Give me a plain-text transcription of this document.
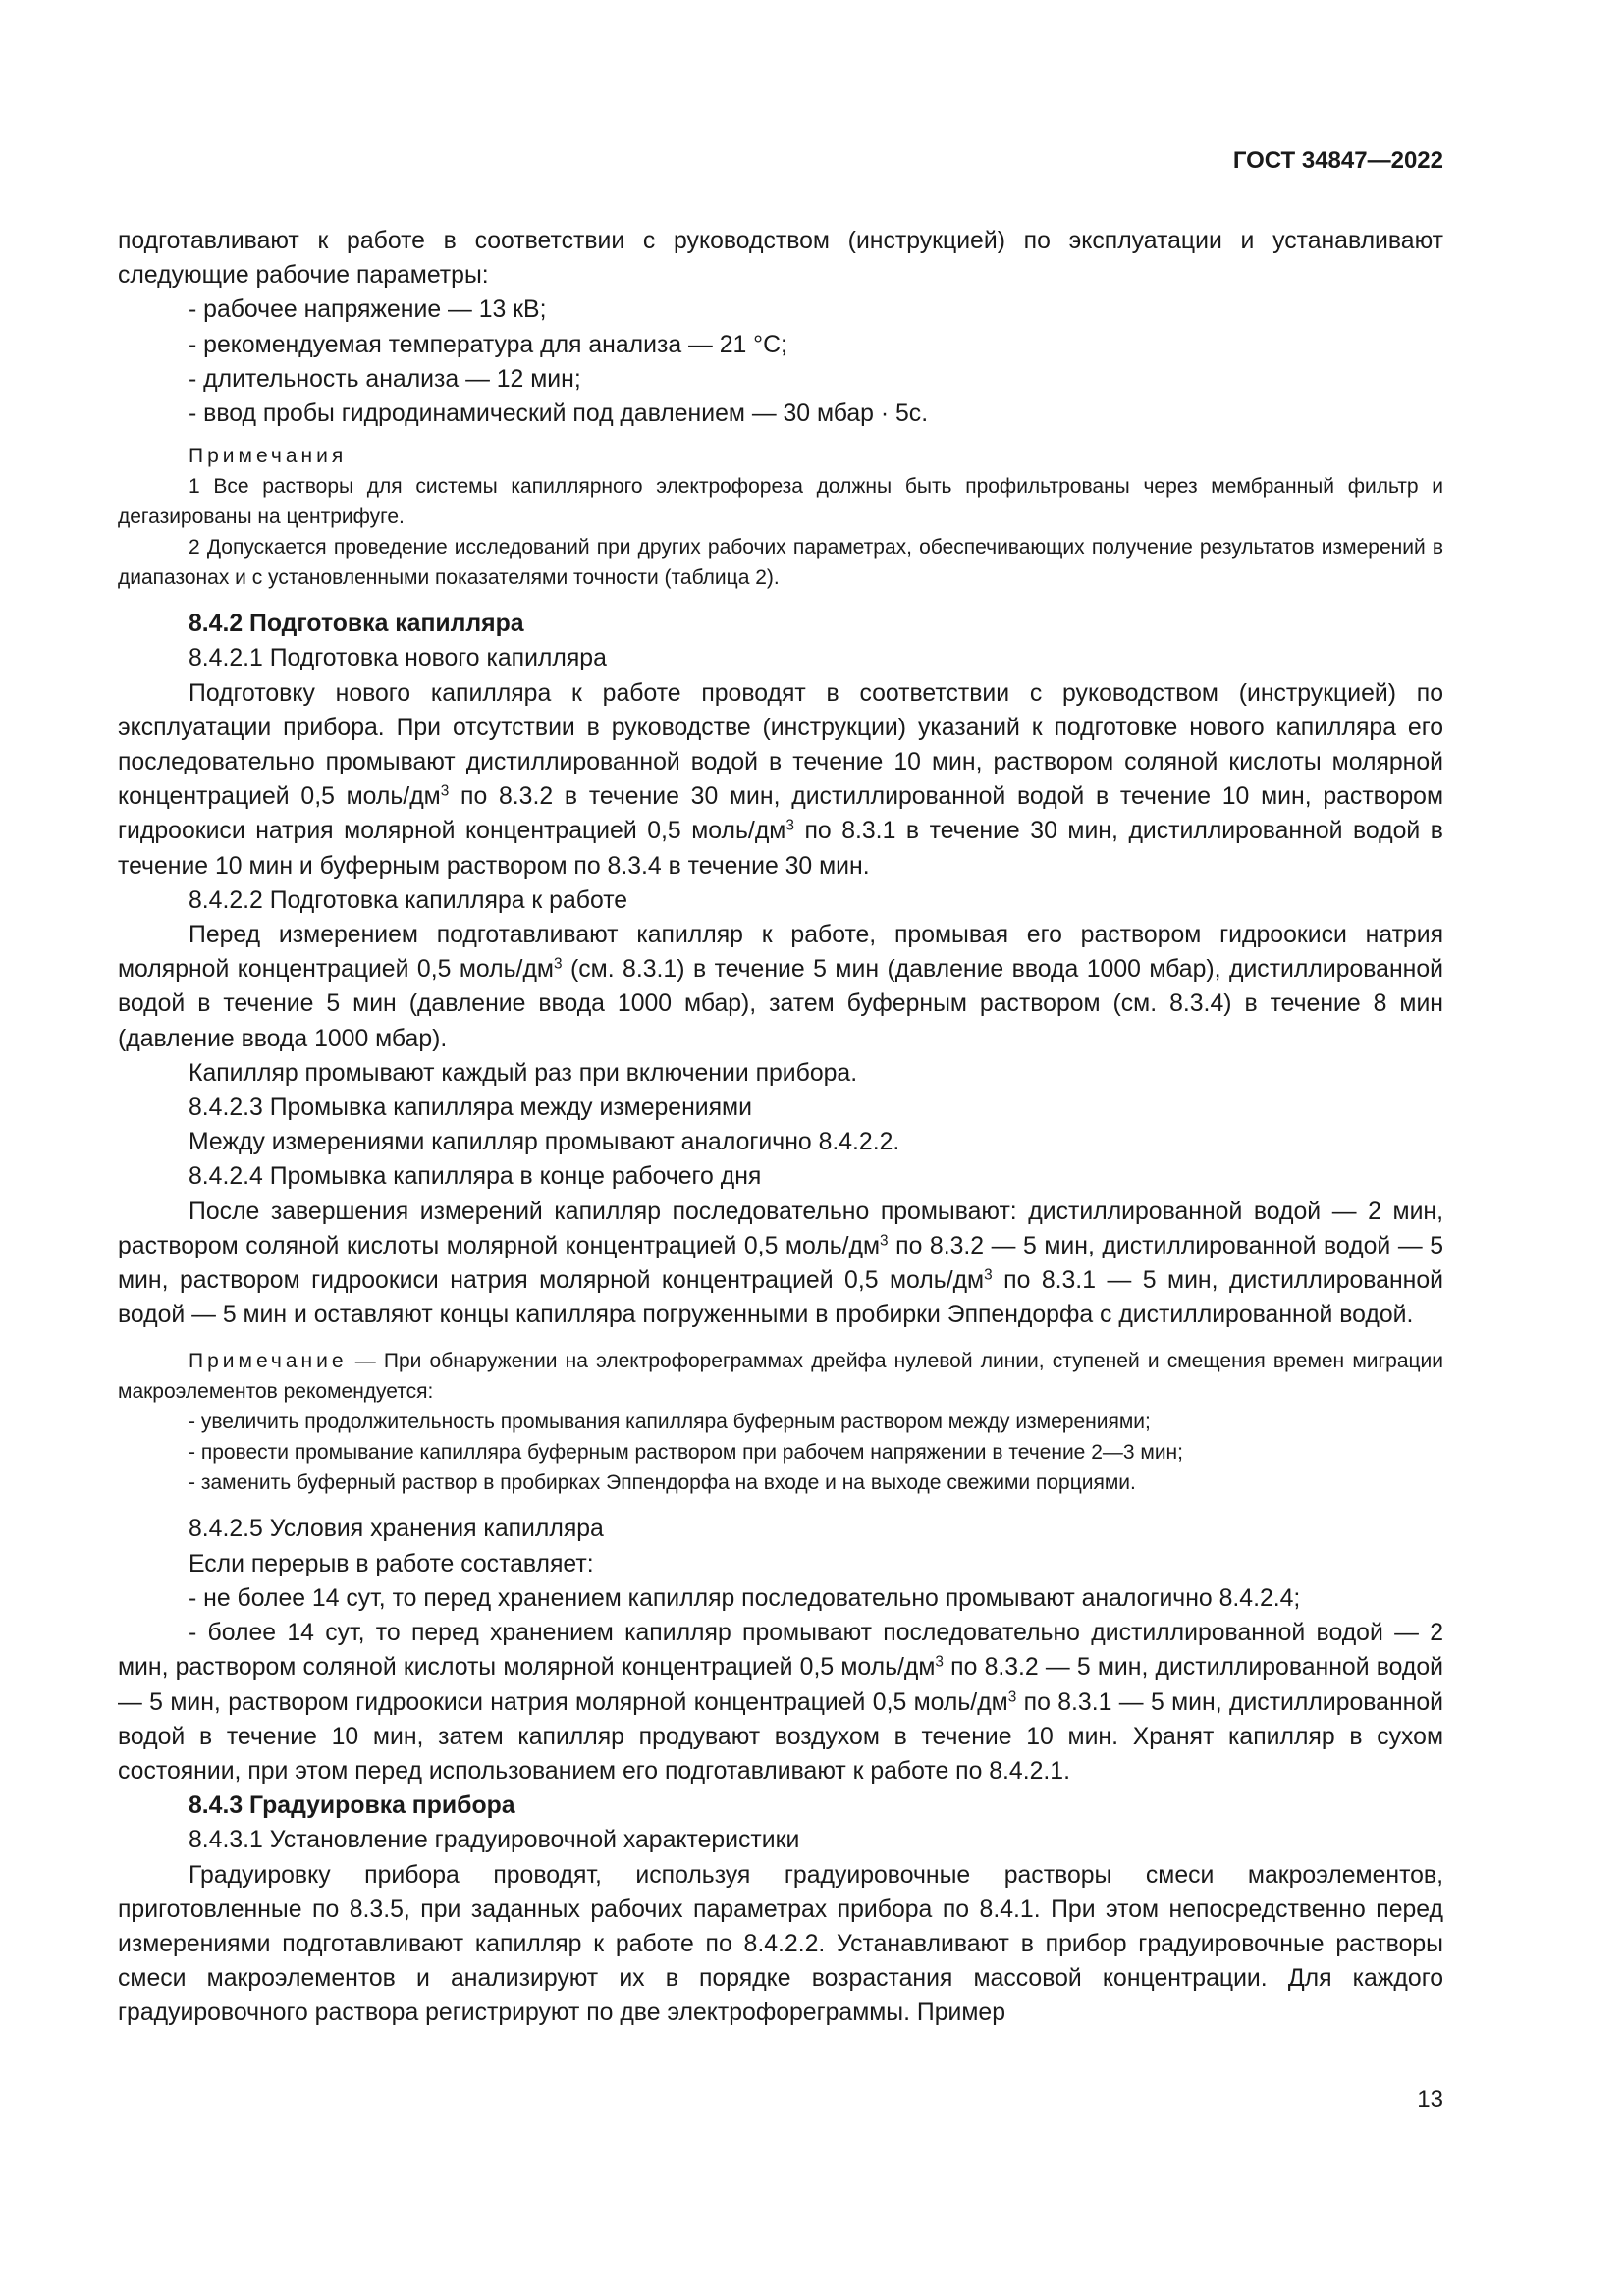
ГОСТ 34847—2022

подготавливают к работе в соответствии с руководством (инструкцией) по эксплуатации и устанавливают следующие рабочие параметры:

- рабочее напряжение — 13 кВ;

- рекомендуемая температура для анализа — 21 °С;

- длительность анализа — 12 мин;

- ввод пробы гидродинамический под давлением — 30 мбар · 5с.

Примечания

1 Все растворы для системы капиллярного электрофореза должны быть профильтрованы через мембранный фильтр и дегазированы на центрифуге.

2 Допускается проведение исследований при других рабочих параметрах, обеспечивающих получение результатов измерений в диапазонах и с установленными показателями точности (таблица 2).

8.4.2 Подготовка капилляра

8.4.2.1 Подготовка нового капилляра

Подготовку нового капилляра к работе проводят в соответствии с руководством (инструкцией) по эксплуатации прибора. При отсутствии в руководстве (инструкции) указаний к подготовке нового капилляра его последовательно промывают дистиллированной водой в течение 10 мин, раствором соляной кислоты молярной концентрацией 0,5 моль/$дм^3$ по 8.3.2 в течение 30 мин, дистиллированной водой в течение 10 мин, раствором гидроокиси натрия молярной концентрацией 0,5 моль/$дм^3$ по 8.3.1 в течение 30 мин, дистиллированной водой в течение 10 мин и буферным раствором по 8.3.4 в течение 30 мин.

8.4.2.2 Подготовка капилляра к работе

Перед измерением подготавливают капилляр к работе, промывая его раствором гидроокиси натрия молярной концентрацией 0,5 моль/$дм^3$ (см. 8.3.1) в течение 5 мин (давление ввода 1000 мбар), дистиллированной водой в течение 5 мин (давление ввода 1000 мбар), затем буферным раствором (см. 8.3.4) в течение 8 мин (давление ввода 1000 мбар).

Капилляр промывают каждый раз при включении прибора.

8.4.2.3 Промывка капилляра между измерениями

Между измерениями капилляр промывают аналогично 8.4.2.2.

8.4.2.4 Промывка капилляра в конце рабочего дня

После завершения измерений капилляр последовательно промывают: дистиллированной водой — 2 мин, раствором соляной кислоты молярной концентрацией 0,5 моль/$дм^3$ по 8.3.2 — 5 мин, дистиллированной водой — 5 мин, раствором гидроокиси натрия молярной концентрацией 0,5 моль/$дм^3$ по 8.3.1 — 5 мин, дистиллированной водой — 5 мин и оставляют концы капилляра погруженными в пробирки Эппендорфа с дистиллированной водой.

Примечание — При обнаружении на электрофореграммах дрейфа нулевой линии, ступеней и смещения времен миграции макроэлементов рекомендуется:

- увеличить продолжительность промывания капилляра буферным раствором между измерениями;

- провести промывание капилляра буферным раствором при рабочем напряжении в течение 2—3 мин;

- заменить буферный раствор в пробирках Эппендорфа на входе и на выходе свежими порциями.

8.4.2.5 Условия хранения капилляра

Если перерыв в работе составляет:

- не более 14 сут, то перед хранением капилляр последовательно промывают аналогично 8.4.2.4;

- более 14 сут, то перед хранением капилляр промывают последовательно дистиллированной водой — 2 мин, раствором соляной кислоты молярной концентрацией 0,5 моль/$дм^3$ по 8.3.2 — 5 мин, дистиллированной водой — 5 мин, раствором гидроокиси натрия молярной концентрацией 0,5 моль/$дм^3$ по 8.3.1 — 5 мин, дистиллированной водой в течение 10 мин, затем капилляр продувают воздухом в течение 10 мин. Хранят капилляр в сухом состоянии, при этом перед использованием его подготавливают к работе по 8.4.2.1.

8.4.3 Градуировка прибора

8.4.3.1 Установление градуировочной характеристики

Градуировку прибора проводят, используя градуировочные растворы смеси макроэлементов, приготовленные по 8.3.5, при заданных рабочих параметрах прибора по 8.4.1. При этом непосредственно перед измерениями подготавливают капилляр к работе по 8.4.2.2. Устанавливают в прибор градуировочные растворы смеси макроэлементов и анализируют их в порядке возрастания массовой концентрации. Для каждого градуировочного раствора регистрируют по две электрофореграммы. Пример

13
